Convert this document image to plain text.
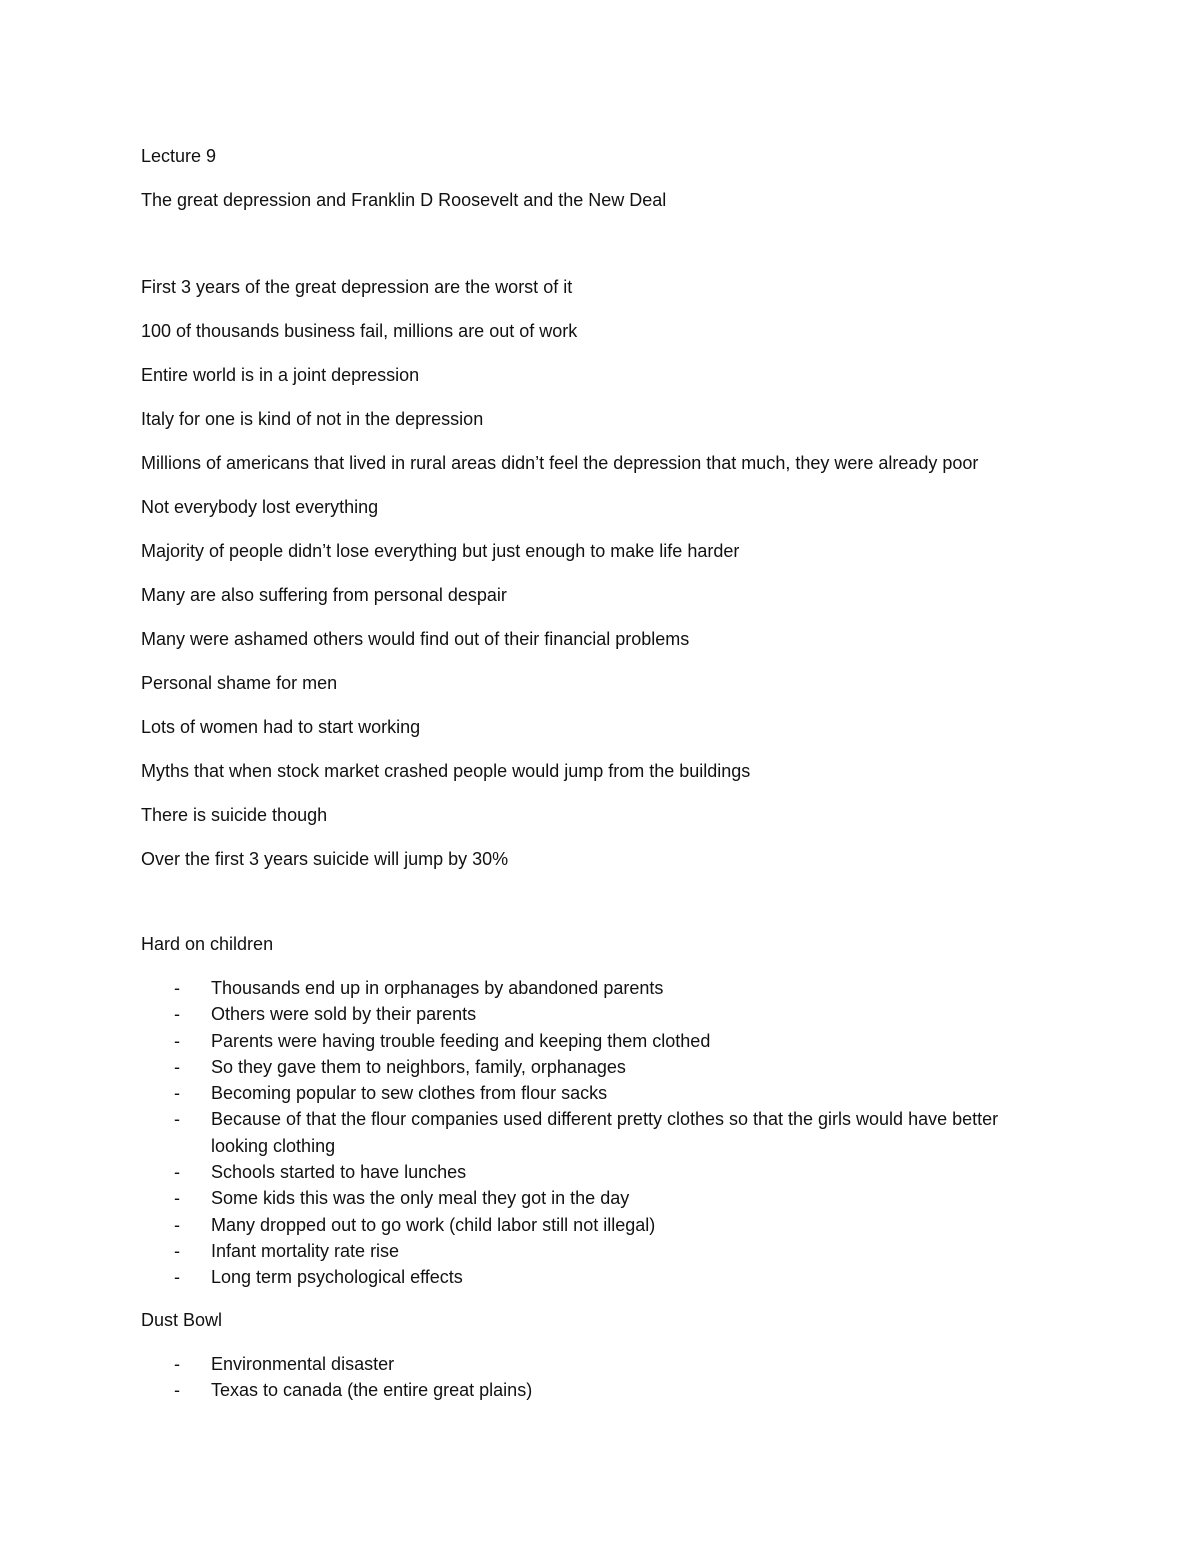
Lecture 9

The great depression and Franklin D Roosevelt and the New Deal

First 3 years of the great depression are the worst of it

100 of thousands business fail, millions are out of work

Entire world is in a joint depression

Italy for one is kind of not in the depression

Millions of americans that lived in rural areas didn’t feel the depression that much, they were already poor

Not everybody lost everything

Majority of people didn’t lose everything but just enough to make life harder

Many are also suffering from personal despair

Many were ashamed others would find out of their financial problems

Personal shame for men

Lots of women had to start working

Myths that when stock market crashed people would jump from the buildings

There is suicide though

Over the first 3 years suicide will jump by 30%

Hard on children

- Thousands end up in orphanages by abandoned parents
- Others were sold by their parents
- Parents were having trouble feeding and keeping them clothed
- So they gave them to neighbors, family, orphanages
- Becoming popular to sew clothes from flour sacks
- Because of that the flour companies used different pretty clothes so that the girls would have better looking clothing
- Schools started to have lunches
- Some kids this was the only meal they got in the day
- Many dropped out to go work (child labor still not illegal)
- Infant mortality rate rise
- Long term psychological effects

Dust Bowl

- Environmental disaster
- Texas to canada (the entire great plains)
